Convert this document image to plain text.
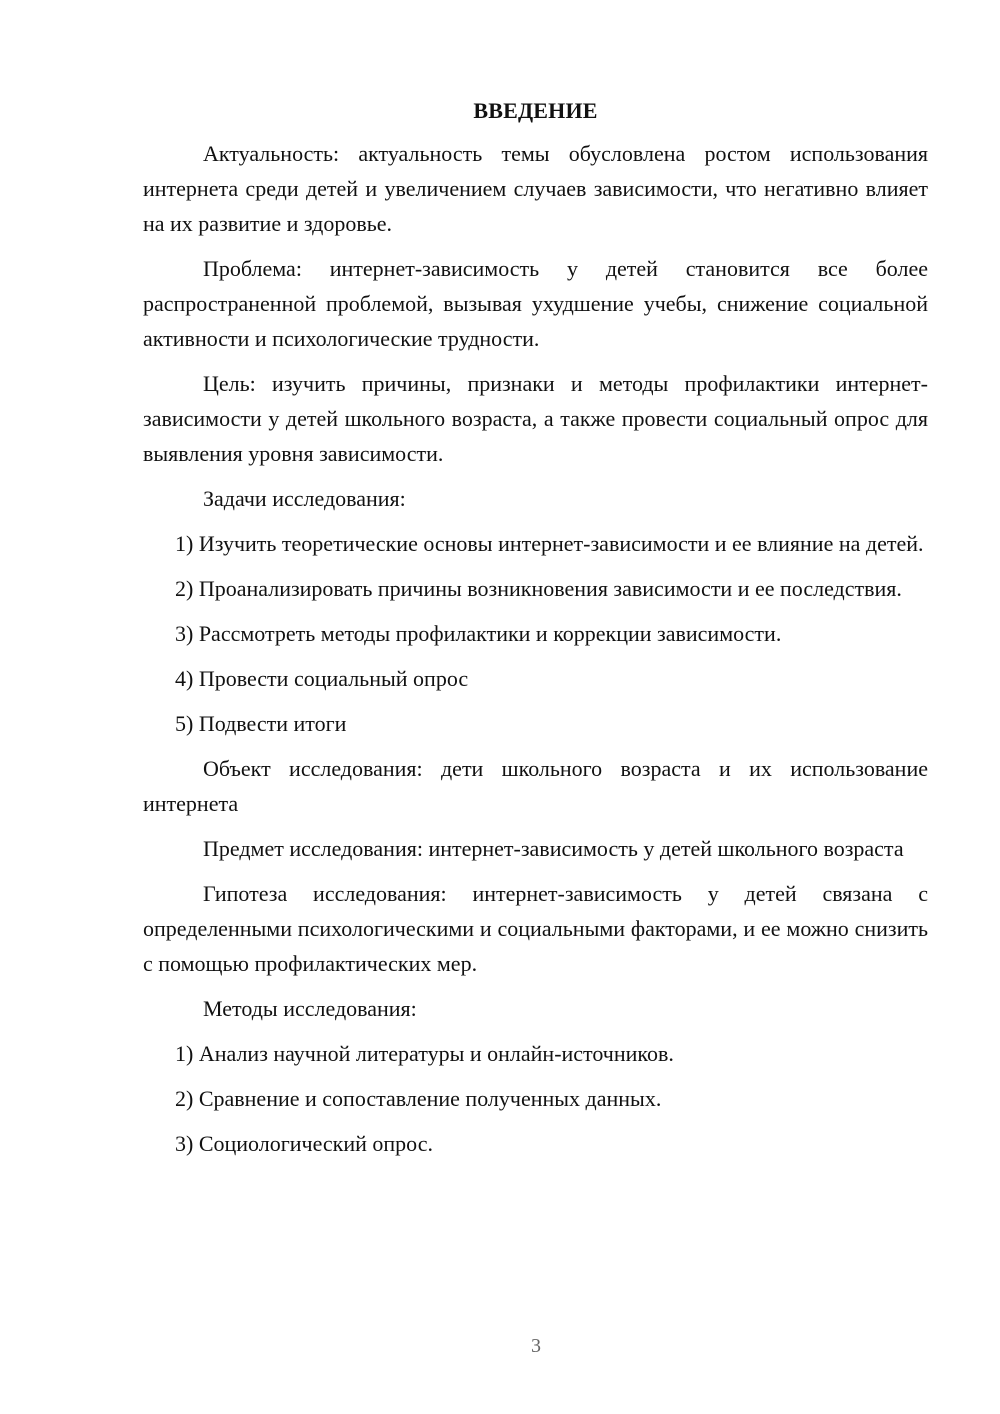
ВВЕДЕНИЕ

Актуальность: актуальность темы обусловлена ростом использования интернета среди детей и увеличением случаев зависимости, что негативно влияет на их развитие и здоровье.

Проблема: интернет-зависимость у детей становится все более распространенной проблемой, вызывая ухудшение учебы, снижение социальной активности и психологические трудности.

Цель: изучить причины, признаки и методы профилактики интернет-зависимости у детей школьного возраста, а также провести социальный опрос для выявления уровня зависимости.

Задачи исследования:

1) Изучить теоретические основы интернет-зависимости и ее влияние на детей.

2) Проанализировать причины возникновения зависимости и ее последствия.

3) Рассмотреть методы профилактики и коррекции зависимости.

4) Провести социальный опрос

5) Подвести итоги

Объект исследования: дети школьного возраста и их использование интернета

Предмет исследования: интернет-зависимость у детей школьного возраста

Гипотеза исследования: интернет-зависимость у детей связана с определенными психологическими и социальными факторами, и ее можно снизить с помощью профилактических мер.

Методы исследования:

1) Анализ научной литературы и онлайн-источников.

2) Сравнение и сопоставление полученных данных.

3) Социологический опрос.

3
